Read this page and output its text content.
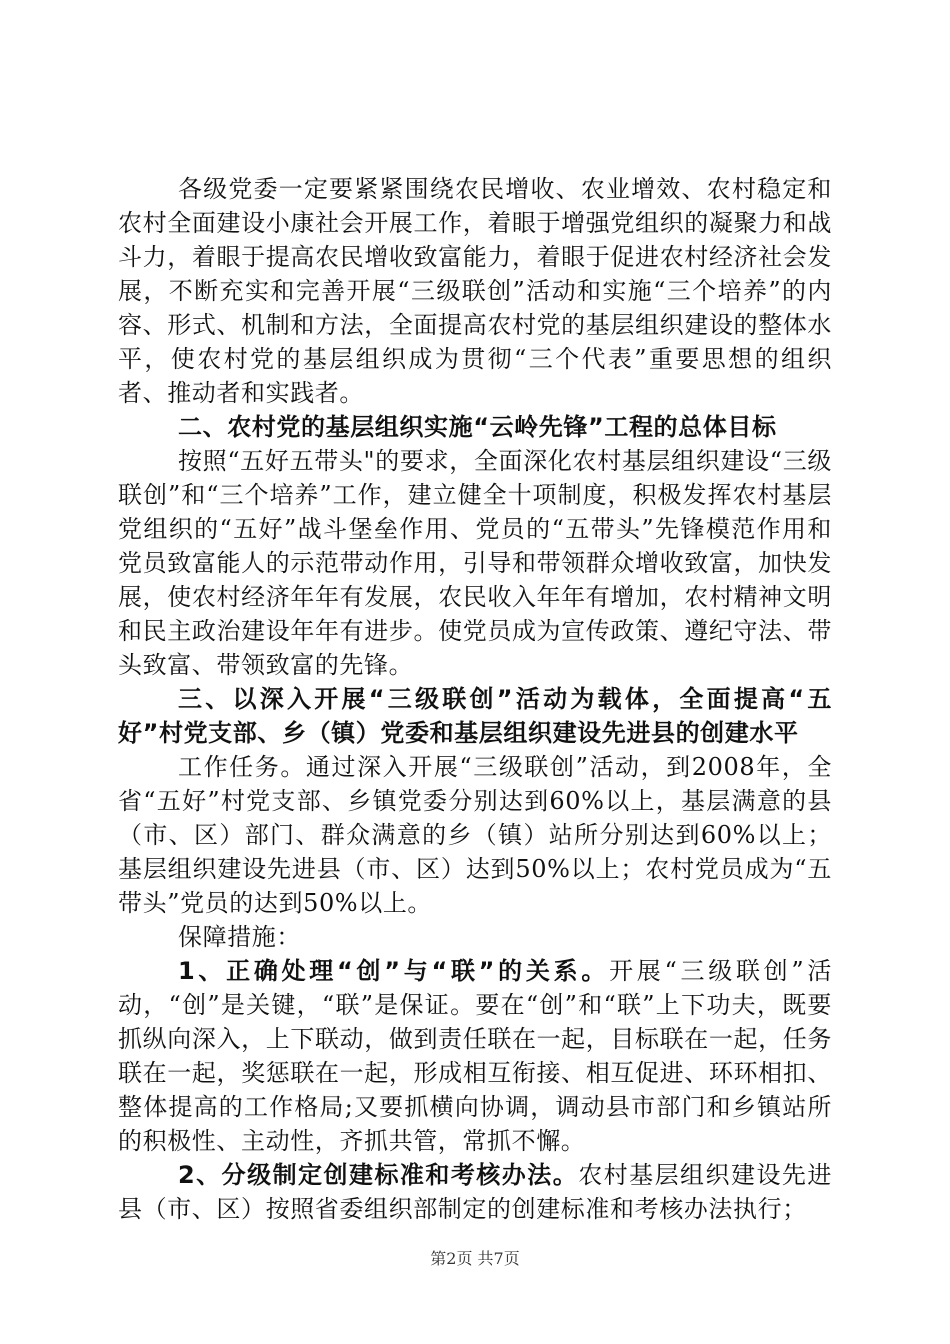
各级党委一定要紧紧围绕农民增收、农业增效、农村稳定和农村全面建设小康社会开展工作，着眼于增强党组织的凝聚力和战斗力，着眼于提高农民增收致富能力，着眼于促进农村经济社会发展，不断充实和完善开展“三级联创”活动和实施“三个培养”的内容、形式、机制和方法，全面提高农村党的基层组织建设的整体水平，使农村党的基层组织成为贯彻“三个代表”重要思想的组织者、推动者和实践者。

二、农村党的基层组织实施“云岭先锋”工程的总体目标

按照“五好五带头"的要求，全面深化农村基层组织建设“三级联创”和“三个培养”工作，建立健全十项制度，积极发挥农村基层党组织的“五好”战斗堡垒作用、党员的“五带头”先锋模范作用和党员致富能人的示范带动作用，引导和带领群众增收致富，加快发展，使农村经济年年有发展，农民收入年年有增加，农村精神文明和民主政治建设年年有进步。使党员成为宣传政策、遵纪守法、带头致富、带领致富的先锋。

三、以深入开展“三级联创”活动为载体，全面提高“五好”村党支部、乡（镇）党委和基层组织建设先进县的创建水平

工作任务。通过深入开展“三级联创”活动，到2008年，全省“五好”村党支部、乡镇党委分别达到60%以上，基层满意的县（市、区）部门、群众满意的乡（镇）站所分别达到60%以上；基层组织建设先进县（市、区）达到50%以上；农村党员成为“五带头”党员的达到50%以上。

保障措施：

1、正确处理“创”与“联”的关系。开展“三级联创”活动，“创”是关键，“联”是保证。要在“创”和“联”上下功夫，既要抓纵向深入，上下联动，做到责任联在一起，目标联在一起，任务联在一起，奖惩联在一起，形成相互衔接、相互促进、环环相扣、整体提高的工作格局;又要抓横向协调，调动县市部门和乡镇站所的积极性、主动性，齐抓共管，常抓不懈。

2、分级制定创建标准和考核办法。农村基层组织建设先进县（市、区）按照省委组织部制定的创建标准和考核办法执行；

第2页 共7页
